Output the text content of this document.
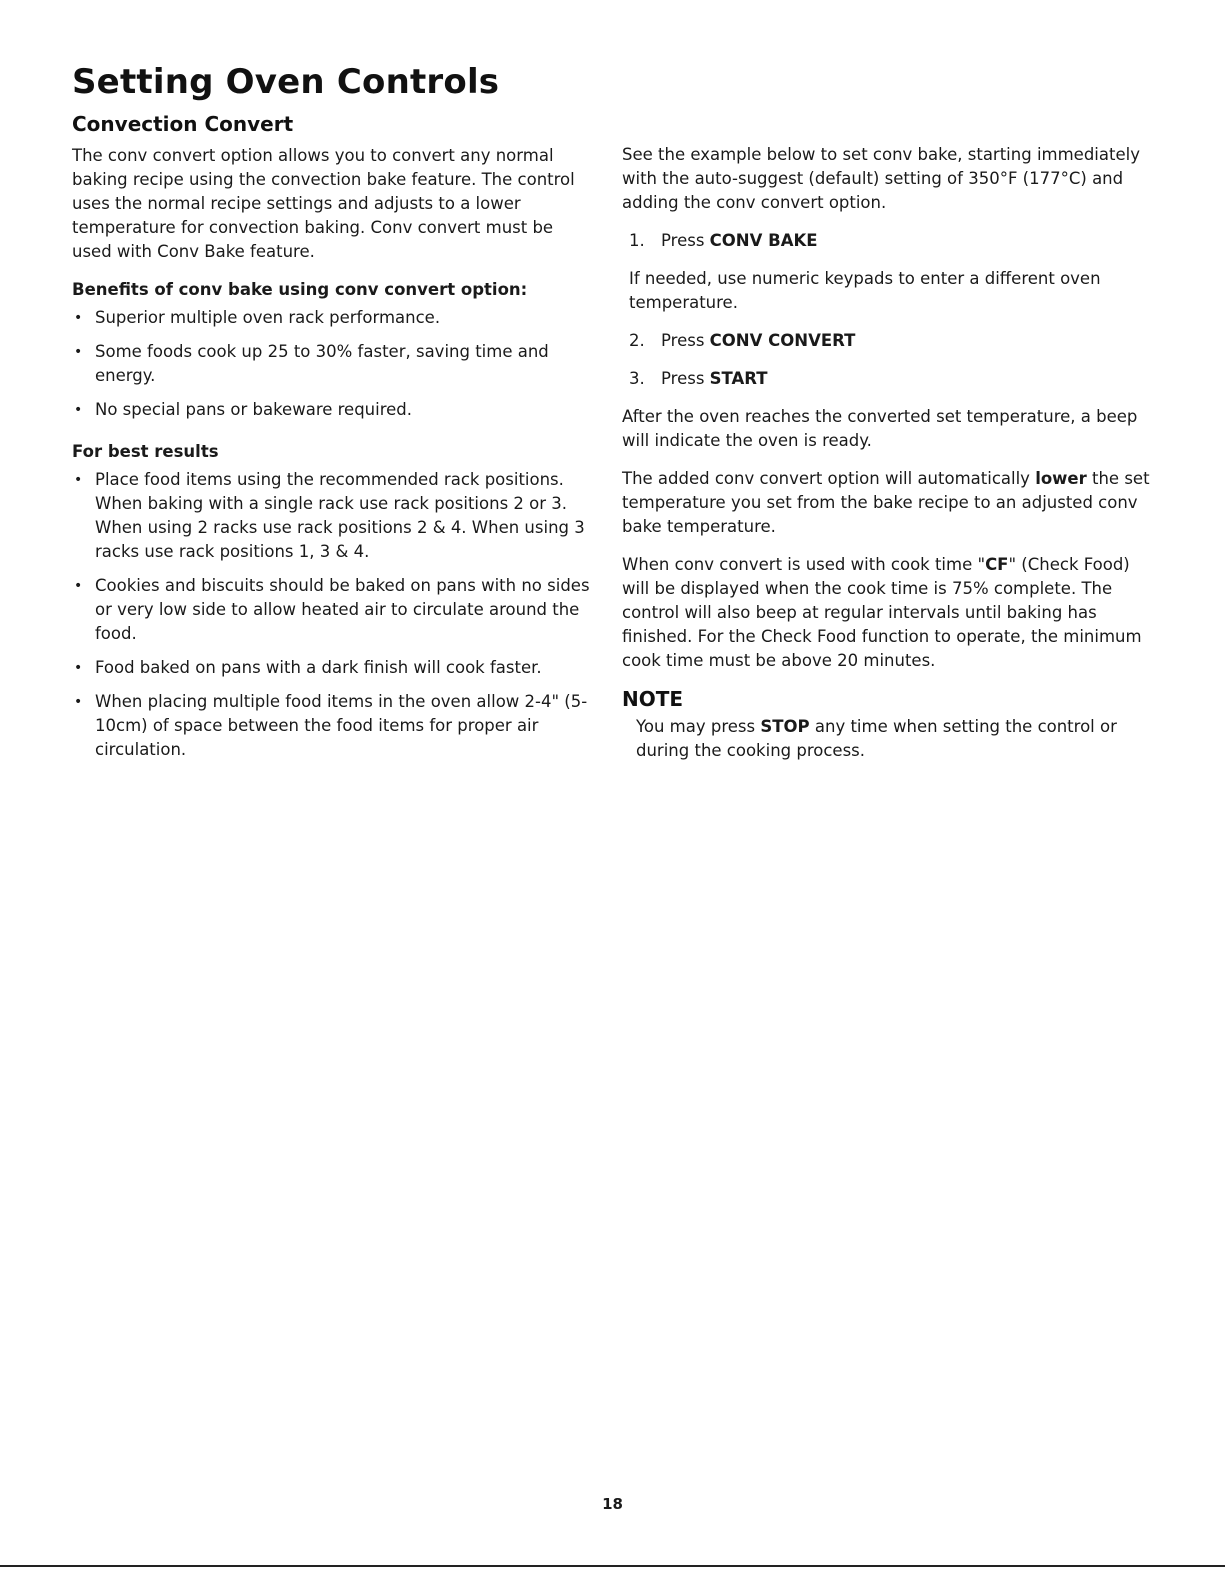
Setting Oven Controls
Convection Convert

The conv convert option allows you to convert any normal baking recipe using the convection bake feature. The control uses the normal recipe settings and adjusts to a lower temperature for convection baking. Conv convert must be used with Conv Bake feature.

Benefits of conv bake using conv convert option:
• Superior multiple oven rack performance.
• Some foods cook up 25 to 30% faster, saving time and energy.
• No special pans or bakeware required.
For best results
• Place food items using the recommended rack positions. When baking with a single rack use rack positions 2 or 3. When using 2 racks use rack positions 2 & 4. When using 3 racks use rack positions 1, 3 & 4.
• Cookies and biscuits should be baked on pans with no sides or very low side to allow heated air to circulate around the food.
• Food baked on pans with a dark finish will cook faster.
• When placing multiple food items in the oven allow 2-4" (5-10cm) of space between the food items for proper air circulation.

See the example below to set conv bake, starting immediately with the auto-suggest (default) setting of 350°F (177°C) and adding the conv convert option.

1. Press CONV BAKE

If needed, use numeric keypads to enter a different oven temperature.

2. Press CONV CONVERT
3. Press START

After the oven reaches the converted set temperature, a beep will indicate the oven is ready.

The added conv convert option will automatically lower the set temperature you set from the bake recipe to an adjusted conv bake temperature.

When conv convert is used with cook time "CF" (Check Food) will be displayed when the cook time is 75% complete. The control will also beep at regular intervals until baking has finished. For the Check Food function to operate, the minimum cook time must be above 20 minutes.

NOTE

You may press STOP any time when setting the control or during the cooking process.

18
